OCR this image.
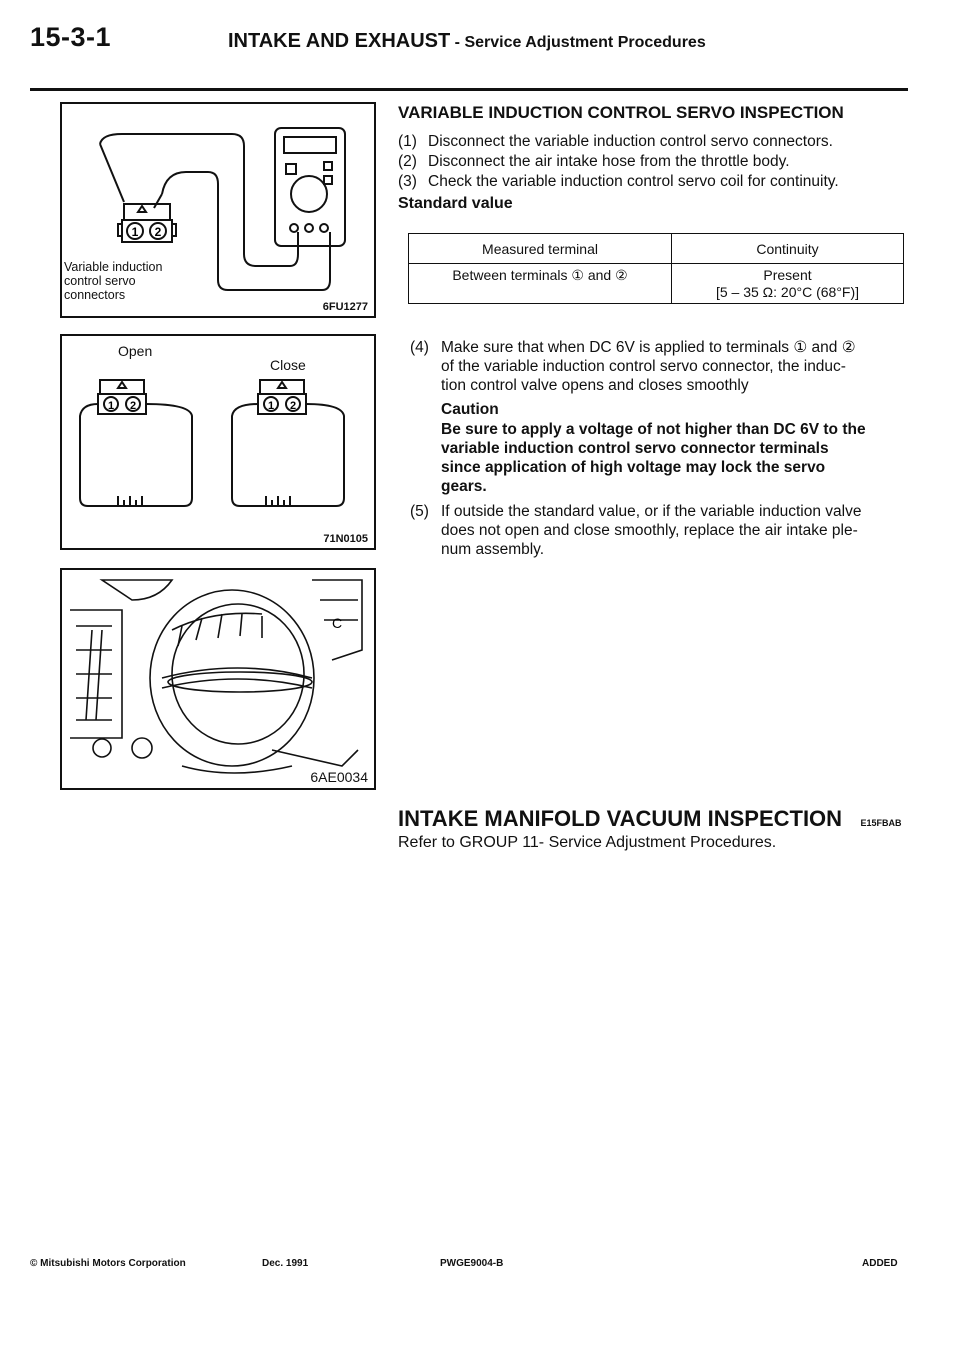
15-3-1	INTAKE AND EXHAUST - Service Adjustment Procedures
1 2
Variable induction
control servo
connectors
6FU1277
Open
Close
1 2	1 2
71N0105
C
6AE0034
VARIABLE INDUCTION CONTROL SERVO INSPECTION
(1) Disconnect the variable induction control servo connectors.
(2) Disconnect the air intake hose from the throttle body.
(3) Check the variable induction control servo coil for continuity.
Standard value
Measured terminal	Continuity
Between terminals ① and ②	Present
[5 – 35 Ω: 20°C (68°F)]
(4) Make sure that when DC 6V is applied to terminals ① and ②
of the variable induction control servo connector, the induc-
tion control valve opens and closes smoothly
Caution
Be sure to apply a voltage of not higher than DC 6V to the
variable induction control servo connector terminals
since application of high voltage may lock the servo
gears.
(5) If outside the standard value, or if the variable induction valve
does not open and close smoothly, replace the air intake ple-
num assembly.
INTAKE MANIFOLD VACUUM INSPECTION E15FBAB
Refer to GROUP 11- Service Adjustment Procedures.
© Mitsubishi Motors Corporation	Dec. 1991	PWGE9004-B	ADDED
